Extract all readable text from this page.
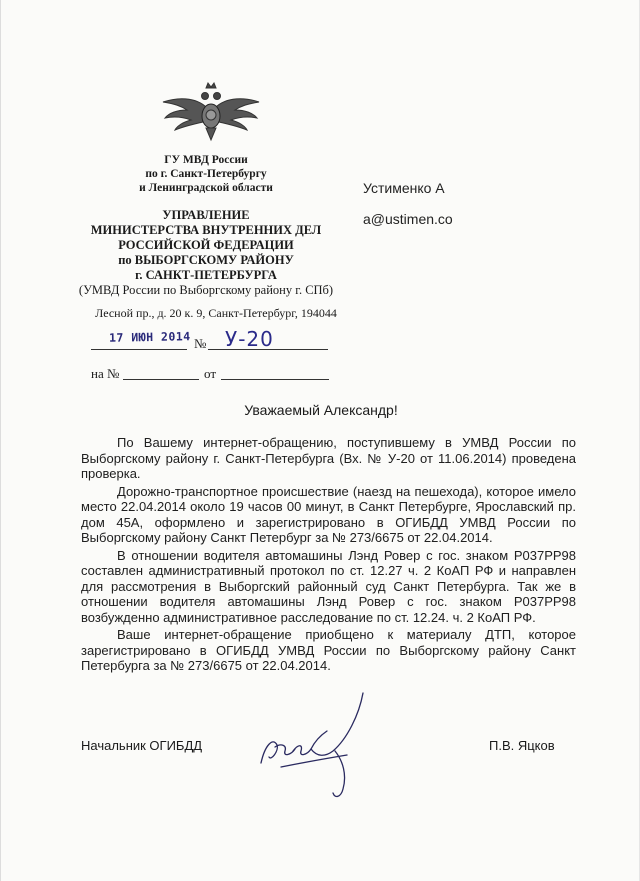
ГУ МВД России
по г. Санкт-Петербургу
и Ленинградской области
УПРАВЛЕНИЕ
МИНИСТЕРСТВА ВНУТРЕННИХ ДЕЛ
РОССИЙСКОЙ ФЕДЕРАЦИИ
по ВЫБОРГСКОМУ РАЙОНУ
г. САНКТ-ПЕТЕРБУРГА
(УМВД России по Выборгскому району г. СПб)
Лесной пр., д. 20 к. 9, Санкт-Петербург, 194044
17 ИЮН 2014 № У-20
на №	от
Устименко А
a@ustimen.co
Уважаемый Александр!

По Вашему интернет-обращению, поступившему в УМВД России по Выборгскому району г. Санкт-Петербурга (Вх. № У-20 от 11.06.2014) проведена проверка.

Дорожно-транспортное происшествие (наезд на пешехода), которое имело место 22.04.2014 около 19 часов 00 минут, в Санкт Петербурге, Ярославский пр. дом 45А, оформлено и зарегистрировано в ОГИБДД УМВД России по Выборгскому району Санкт Петербург за № 273/6675 от 22.04.2014.

В отношении водителя автомашины Лэнд Ровер с гос. знаком Р037РР98 составлен административный протокол по ст. 12.27 ч. 2 КоАП РФ и направлен для рассмотрения в Выборгский районный суд Санкт Петербурга. Так же в отношении водителя автомашины Лэнд Ровер с гос. знаком Р037РР98 возбужденно административное расследование по ст. 12.24. ч. 2 КоАП РФ.

Ваше интернет-обращение приобщено к материалу ДТП, которое зарегистрировано в ОГИБДД УМВД России по Выборгскому району Санкт Петербурга за № 273/6675 от 22.04.2014.

Начальник ОГИБДД	П.В. Яцков
